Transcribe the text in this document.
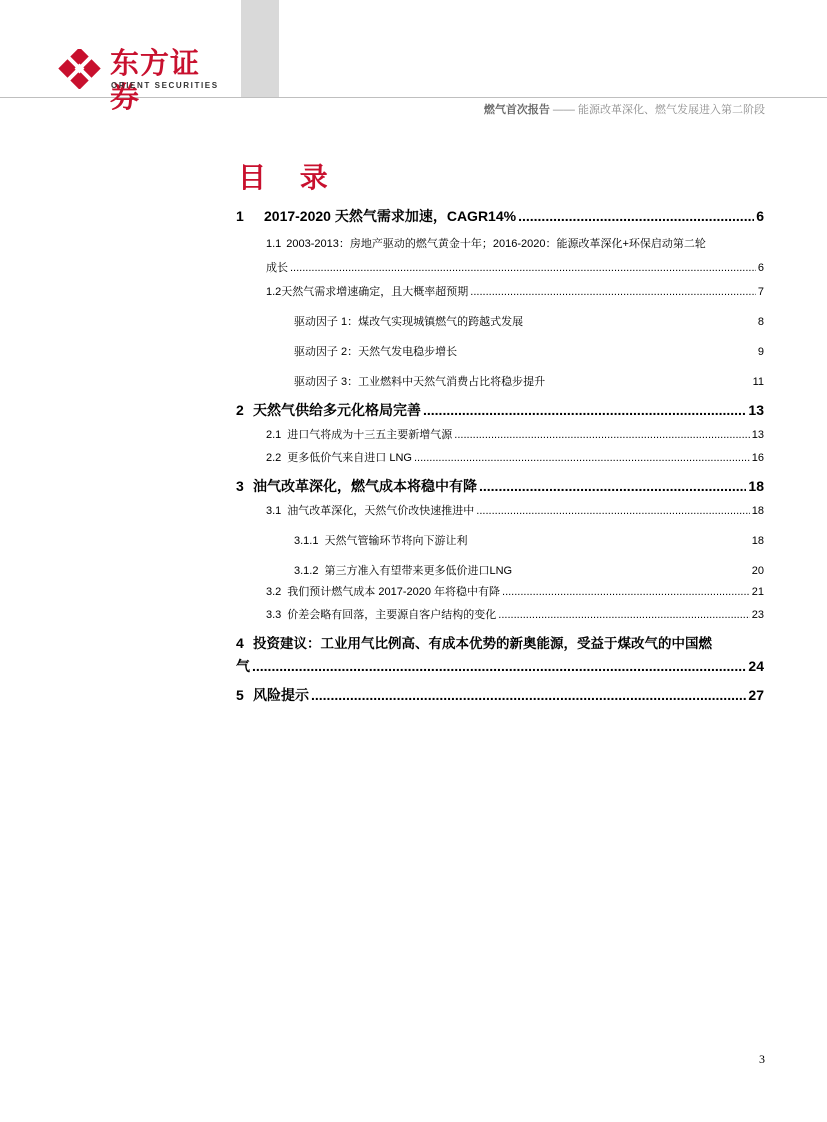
东方证券
ORIENT SECURITIES
燃气首次报告 —— 能源改革深化、燃气发展进入第二阶段
目 录
1	2017-2020 天然气需求加速，CAGR14% .....	6
1.1 2003-2013：房地产驱动的燃气黄金十年；2016-2020：能源改革深化+环保启动第二轮
成长 .....	6
1.2 天然气需求增速确定，且大概率超预期 .....	7
驱动因子 1：煤改气实现城镇燃气的跨越式发展	8
驱动因子 2：天然气发电稳步增长	9
驱动因子 3：工业燃料中天然气消费占比将稳步提升	11
2 天然气供给多元化格局完善 .....	13
2.1 进口气将成为十三五主要新增气源 .....	13
2.2 更多低价气来自进口 LNG .....	16
3 油气改革深化，燃气成本将稳中有降 .....	18
3.1 油气改革深化，天然气价改快速推进中 .....	18
3.1.1 天然气管输环节将向下游让利	18
3.1.2 第三方准入有望带来更多低价进口LNG	20
3.2 我们预计燃气成本 2017-2020 年将稳中有降 .....	21
3.3 价差会略有回落，主要源自客户结构的变化 .....	23
4 投资建议：工业用气比例高、有成本优势的新奥能源，受益于煤改气的中国燃
气 .....	24
5 风险提示 .....	27
3
